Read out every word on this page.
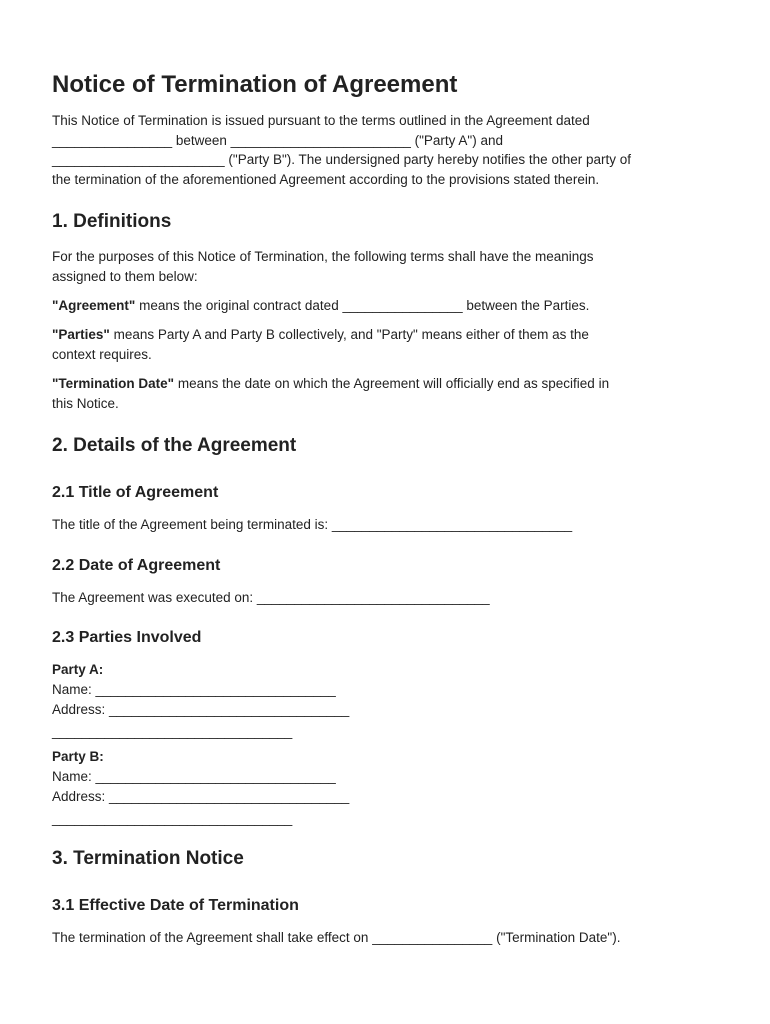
Notice of Termination of Agreement
This Notice of Termination is issued pursuant to the terms outlined in the Agreement dated
________________ between ________________________ ("Party A") and
_______________________ ("Party B"). The undersigned party hereby notifies the other party of
the termination of the aforementioned Agreement according to the provisions stated therein.
1. Definitions
For the purposes of this Notice of Termination, the following terms shall have the meanings
assigned to them below:
"Agreement" means the original contract dated ________________ between the Parties.
"Parties" means Party A and Party B collectively, and "Party" means either of them as the
context requires.
"Termination Date" means the date on which the Agreement will officially end as specified in
this Notice.
2. Details of the Agreement
2.1 Title of Agreement
The title of the Agreement being terminated is: ________________________________
2.2 Date of Agreement
The Agreement was executed on: _______________________________
2.3 Parties Involved
Party A:
Name: ________________________________
Address: ________________________________
________________________________
Party B:
Name: ________________________________
Address: ________________________________
________________________________
3. Termination Notice
3.1 Effective Date of Termination
The termination of the Agreement shall take effect on ________________ ("Termination Date").
